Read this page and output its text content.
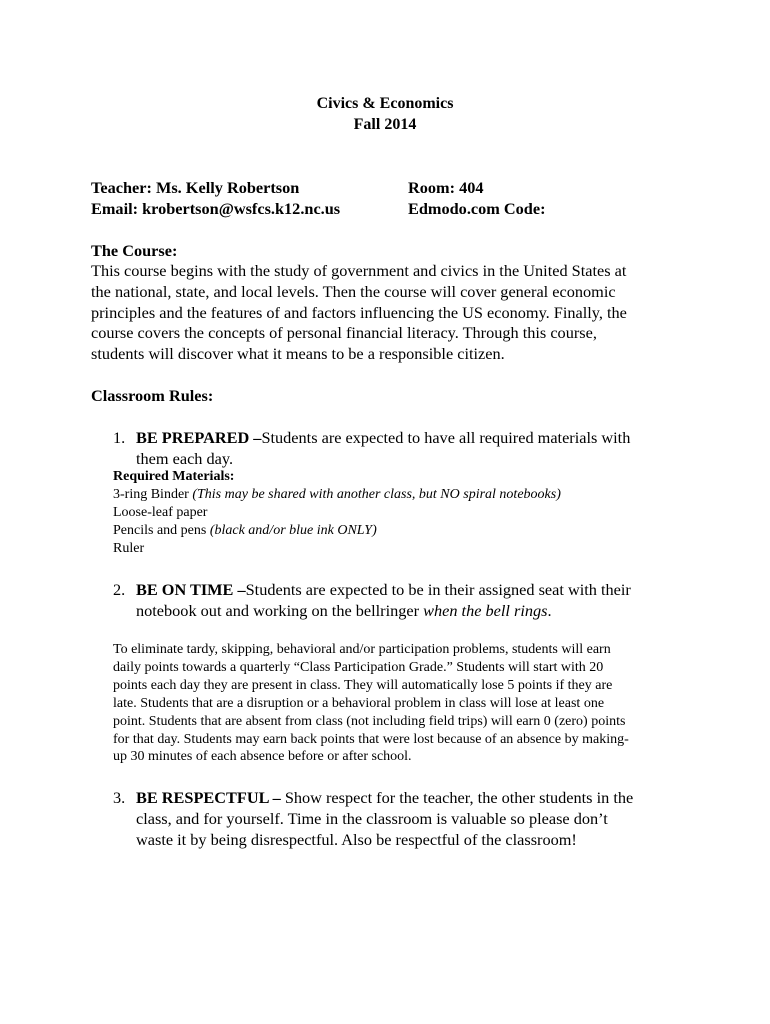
Civics & Economics
Fall 2014
Teacher: Ms. Kelly Robertson
Email: krobertson@wsfcs.k12.nc.us
Room: 404
Edmodo.com Code:
The Course:
This course begins with the study of government and civics in the United States at
the national, state, and local levels. Then the course will cover general economic
principles and the features of and factors influencing the US economy. Finally, the
course covers the concepts of personal financial literacy. Through this course,
students will discover what it means to be a responsible citizen.
Classroom Rules:
1. BE PREPARED –Students are expected to have all required materials with
them each day.
Required Materials:
3-ring Binder (This may be shared with another class, but NO spiral notebooks)
Loose-leaf paper
Pencils and pens (black and/or blue ink ONLY)
Ruler
2. BE ON TIME –Students are expected to be in their assigned seat with their
notebook out and working on the bellringer when the bell rings.
To eliminate tardy, skipping, behavioral and/or participation problems, students will earn
daily points towards a quarterly “Class Participation Grade.” Students will start with 20
points each day they are present in class. They will automatically lose 5 points if they are
late. Students that are a disruption or a behavioral problem in class will lose at least one
point. Students that are absent from class (not including field trips) will earn 0 (zero) points
for that day. Students may earn back points that were lost because of an absence by making-
up 30 minutes of each absence before or after school.
3. BE RESPECTFUL – Show respect for the teacher, the other students in the
class, and for yourself. Time in the classroom is valuable so please don’t
waste it by being disrespectful. Also be respectful of the classroom!
